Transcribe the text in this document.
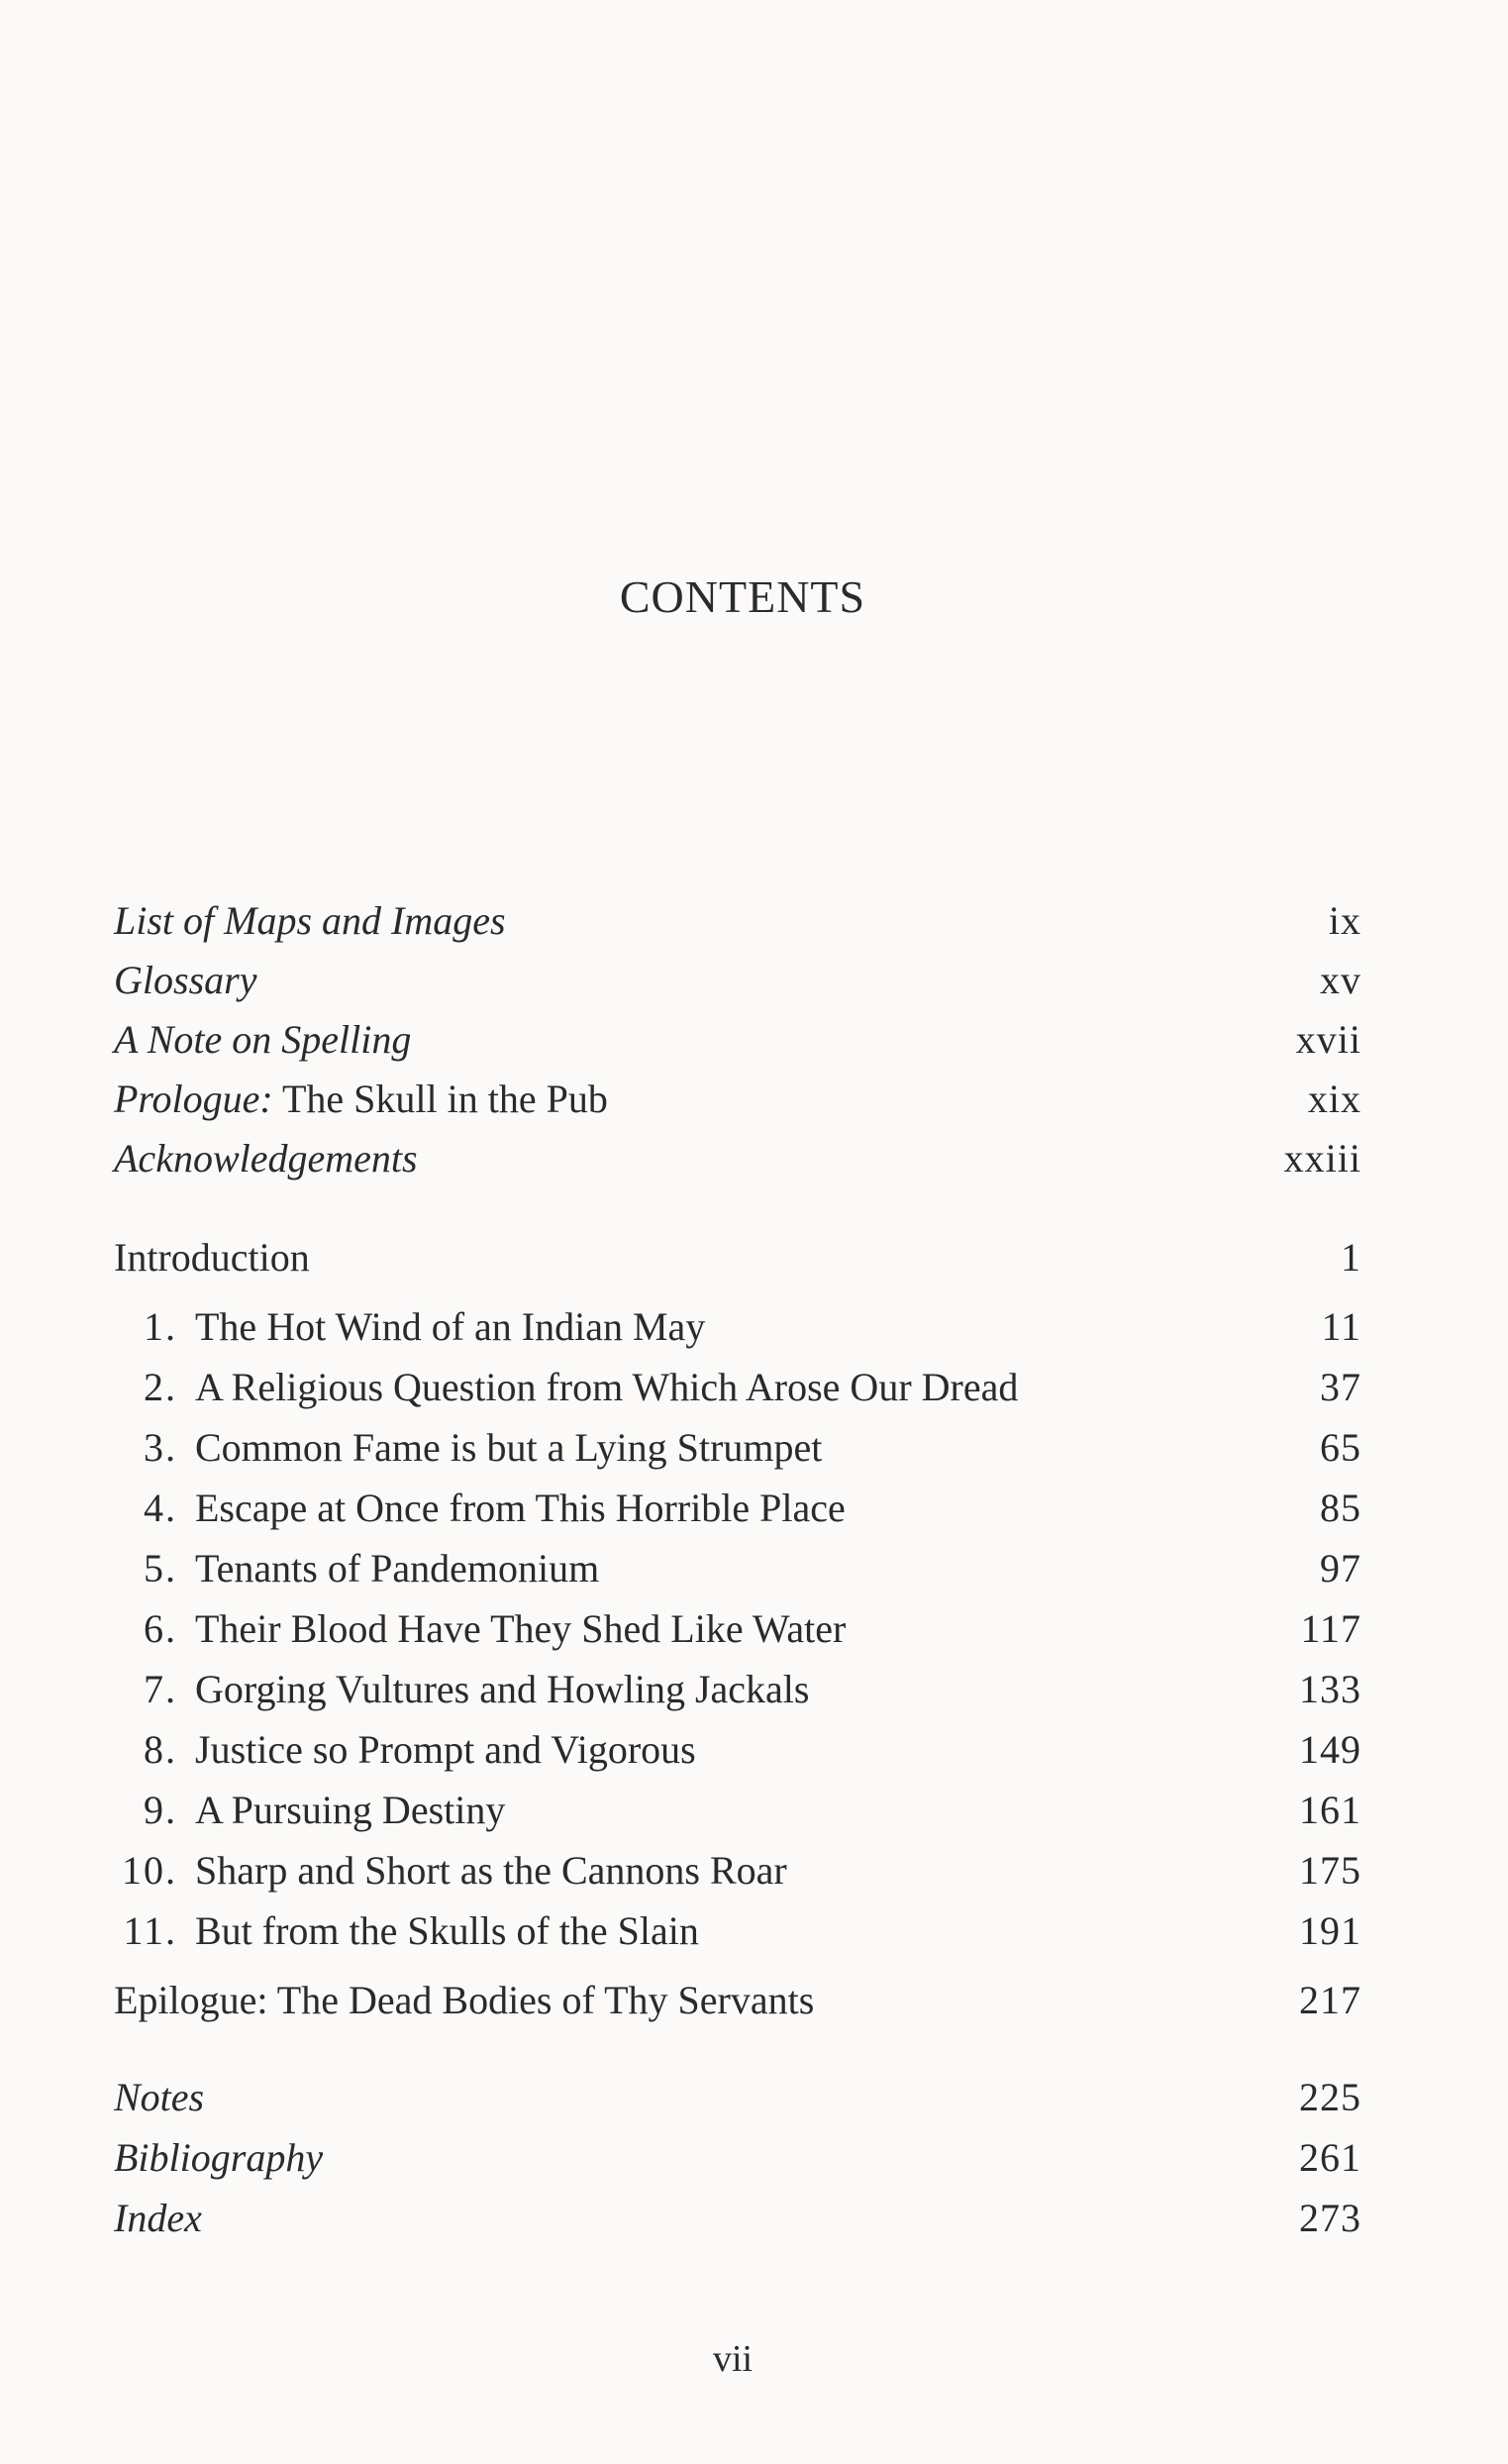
CONTENTS
List of Maps and Images	ix
Glossary	xv
A Note on Spelling	xvii
Prologue: The Skull in the Pub	xix
Acknowledgements	xxiii
Introduction	1
1. The Hot Wind of an Indian May	11
2. A Religious Question from Which Arose Our Dread	37
3. Common Fame is but a Lying Strumpet	65
4. Escape at Once from This Horrible Place	85
5. Tenants of Pandemonium	97
6. Their Blood Have They Shed Like Water	117
7. Gorging Vultures and Howling Jackals	133
8. Justice so Prompt and Vigorous	149
9. A Pursuing Destiny	161
10. Sharp and Short as the Cannons Roar	175
11. But from the Skulls of the Slain	191
Epilogue: The Dead Bodies of Thy Servants	217
Notes	225
Bibliography	261
Index	273
vii
